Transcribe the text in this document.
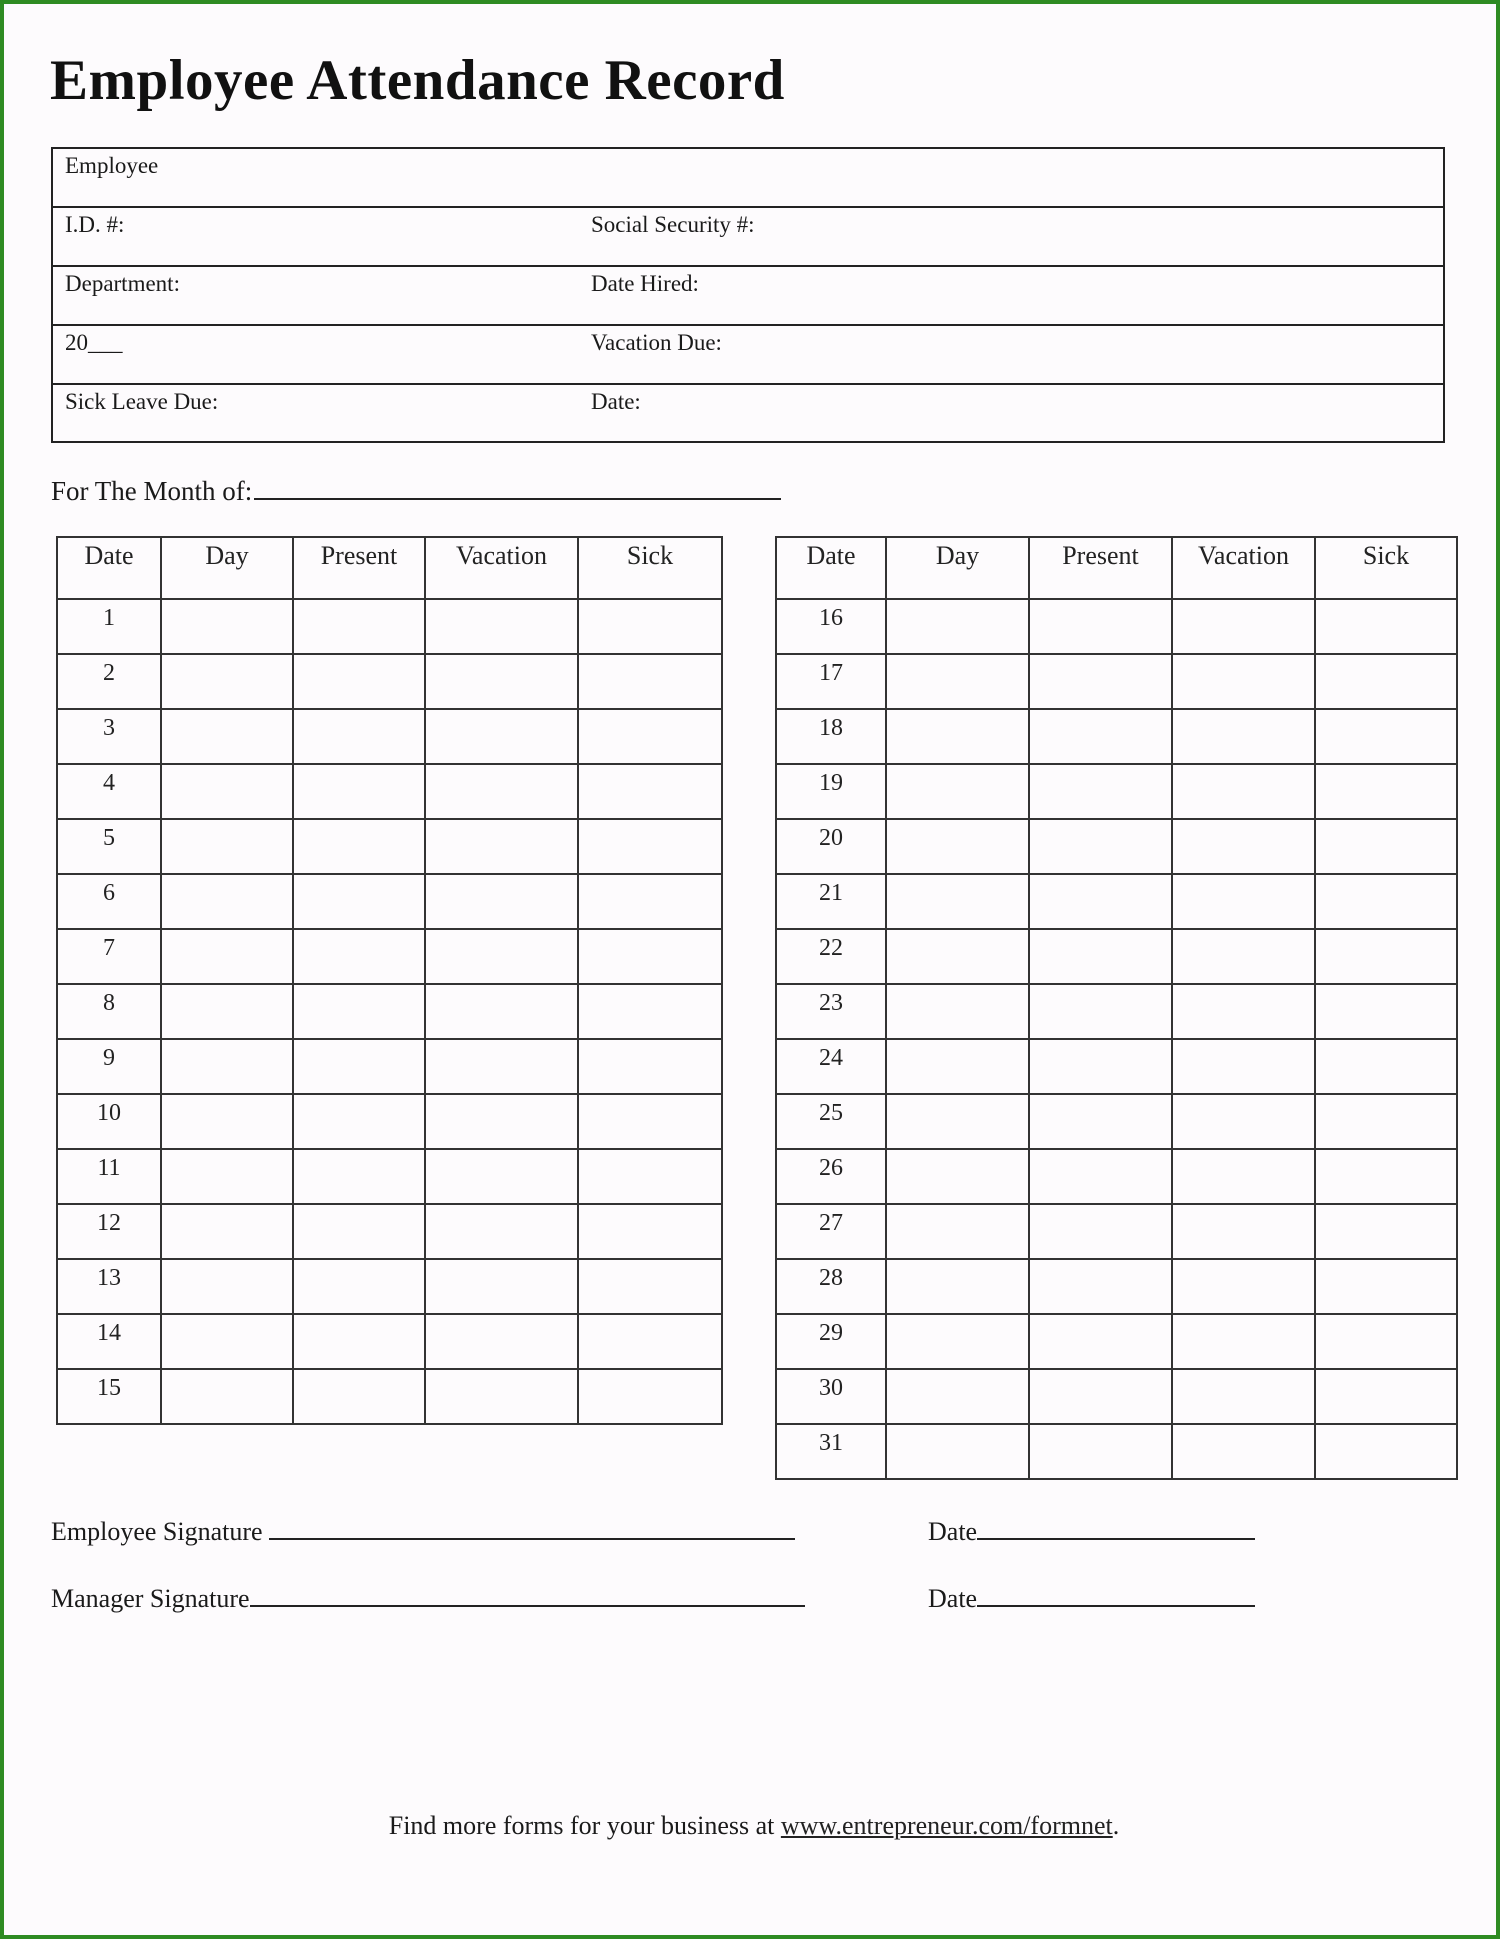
Employee Attendance Record
Employee
I.D. #:	Social Security #:
Department:	Date Hired:
20___	Vacation Due:
Sick Leave Due:	Date:
For The Month of:
Date	Day	Present	Vacation	Sick
1				
2				
3				
4				
5				
6				
7				
8				
9				
10				
11				
12				
13				
14				
15				
Date	Day	Present	Vacation	Sick
16				
17				
18				
19				
20				
21				
22				
23				
24				
25				
26				
27				
28				
29				
30				
31				
Employee Signature	Date
Manager Signature	Date
Find more forms for your business at www.entrepreneur.com/formnet.
